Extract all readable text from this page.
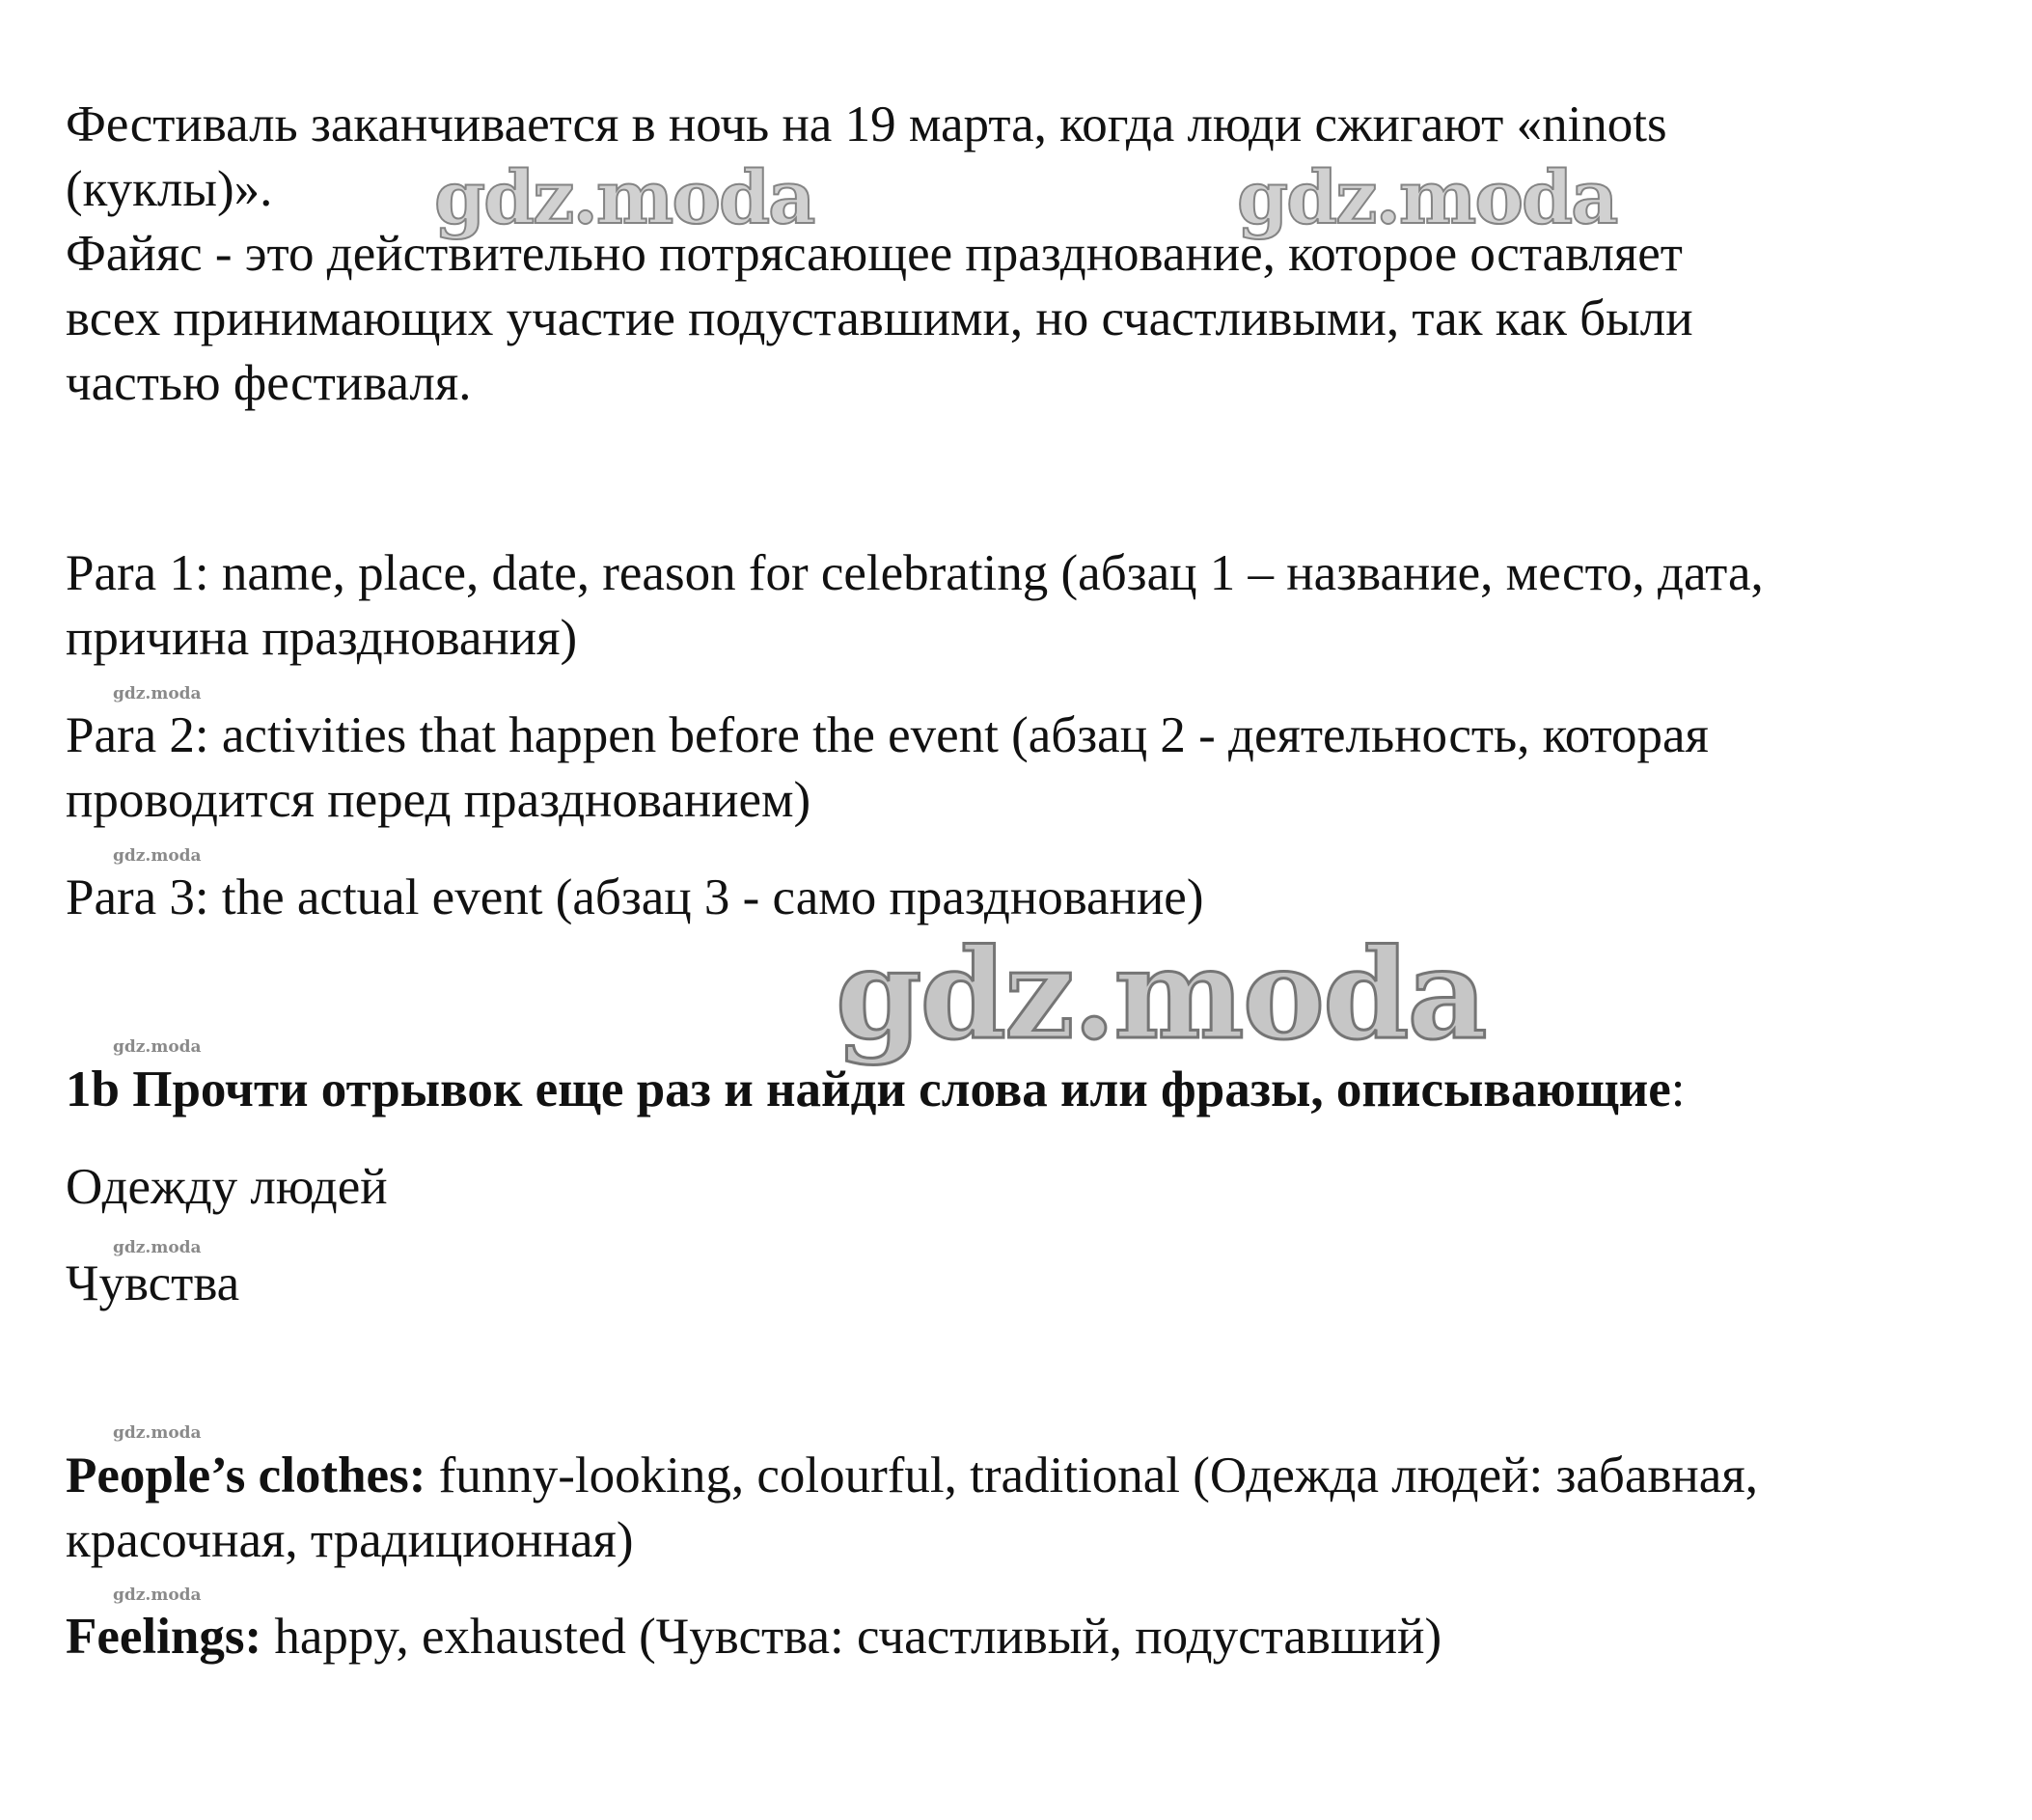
Фестиваль заканчивается в ночь на 19 марта, когда люди сжигают «ninots

(куклы)».

Файяс - это действительно потрясающее празднование, которое оставляет

всех принимающих участие подуставшими, но счастливыми, так как были

частью фестиваля.

Para 1: name, place, date, reason for celebrating (абзац 1 – название, место, дата,

причина празднования)

Para 2: activities that happen before the event (абзац 2 - деятельность, которая

проводится перед празднованием)

Para 3: the actual event (абзац 3 - само празднование)

1b Прочти отрывок еще раз и найди слова или фразы, описывающие:

Одежду людей

Чувства

People’s clothes: funny-looking, colourful, traditional (Одежда людей: забавная,

красочная, традиционная)

Feelings: happy, exhausted (Чувства: счастливый, подуставший)

gdz.moda	gdz.moda
gdz.moda
gdz.moda
gdz.moda
gdz.moda
gdz.moda
gdz.moda
gdz.moda
